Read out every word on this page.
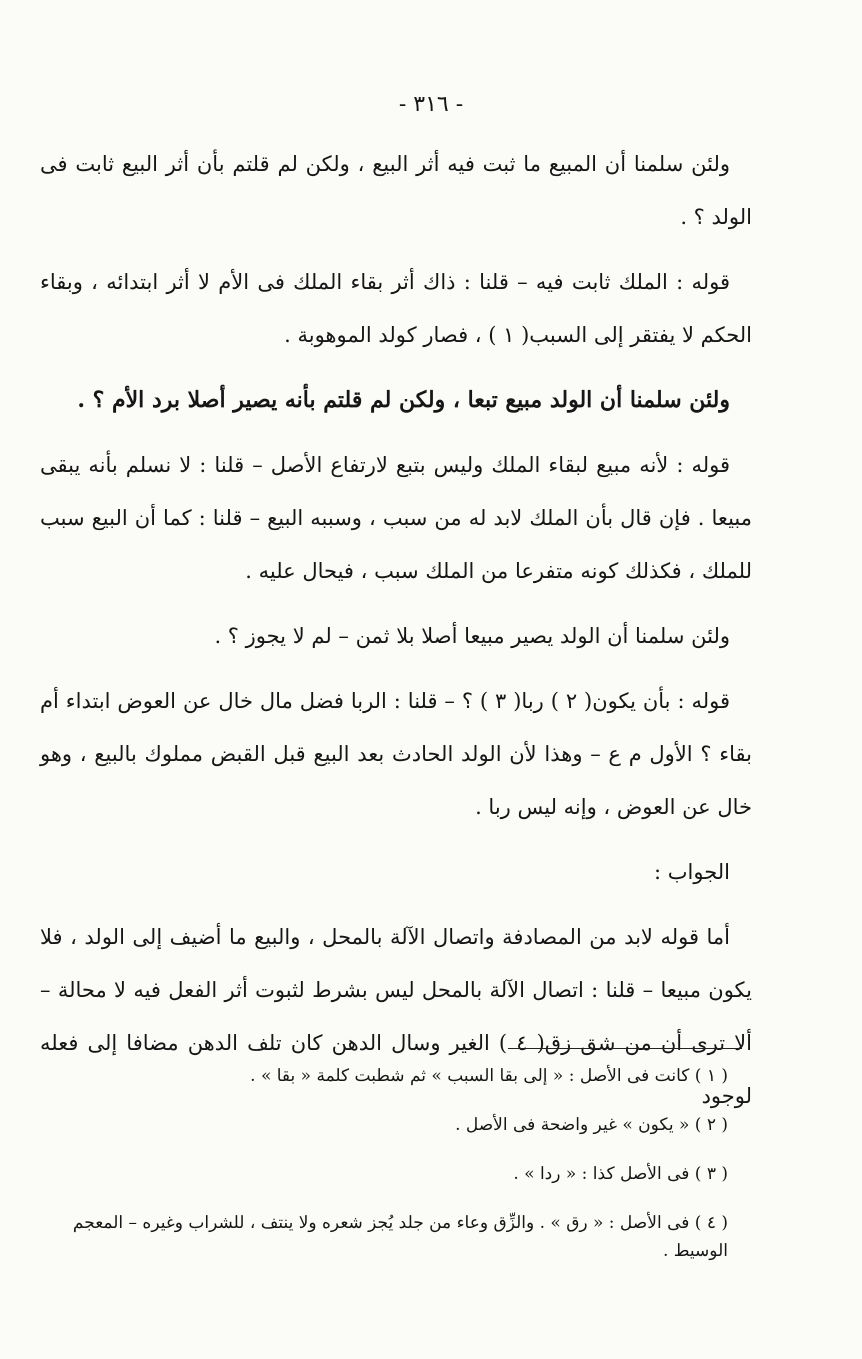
- ٣١٦ -

ولئن سلمنا أن المبيع ما ثبت فيه أثر البيع ، ولكن لم قلتم بأن أثر البيع ثابت فى الولد ؟ .

قوله : الملك ثابت فيه – قلنا : ذاك أثر بقاء الملك فى الأم لا أثر ابتدائه ، وبقاء الحكم لا يفتقر إلى السبب( ١ ) ، فصار كولد الموهوبة .

ولئن سلمنا أن الولد مبيع تبعا ، ولكن لم قلتم بأنه يصير أصلا برد الأم ؟ .

قوله : لأنه مبيع لبقاء الملك وليس بتبع لارتفاع الأصل – قلنا : لا نسلم بأنه يبقى مبيعا . فإن قال بأن الملك لابد له من سبب ، وسببه البيع – قلنا : كما أن البيع سبب للملك ، فكذلك كونه متفرعا من الملك سبب ، فيحال عليه .

ولئن سلمنا أن الولد يصير مبيعا أصلا بلا ثمن – لم لا يجوز ؟ .

قوله : بأن يكون( ٢ ) ربا( ٣ ) ؟ – قلنا : الربا فضل مال خال عن العوض ابتداء أم بقاء ؟ الأول م ع – وهذا لأن الولد الحادث بعد البيع قبل القبض مملوك بالبيع ، وهو خال عن العوض ، وإنه ليس ربا .

الجواب :

أما قوله لابد من المصادفة واتصال الآلة بالمحل ، والبيع ما أضيف إلى الولد ، فلا يكون مبيعا – قلنا : اتصال الآلة بالمحل ليس بشرط لثبوت أثر الفعل فيه لا محالة – ألا ترى أن من شق زق( ٤ ) الغير وسال الدهن كان تلف الدهن مضافا إلى فعله لوجود

( ١ ) كانت فى الأصل : « إلى بقا السبب » ثم شطبت كلمة « بقا » .

( ٢ ) « يكون » غير واضحة فى الأصل .

( ٣ ) فى الأصل كذا : « ردا » .

( ٤ ) فى الأصل : « رق » . والزِّق وعاء من جلد يُجز شعره ولا ينتف ، للشراب وغيره – المعجم الوسيط .
